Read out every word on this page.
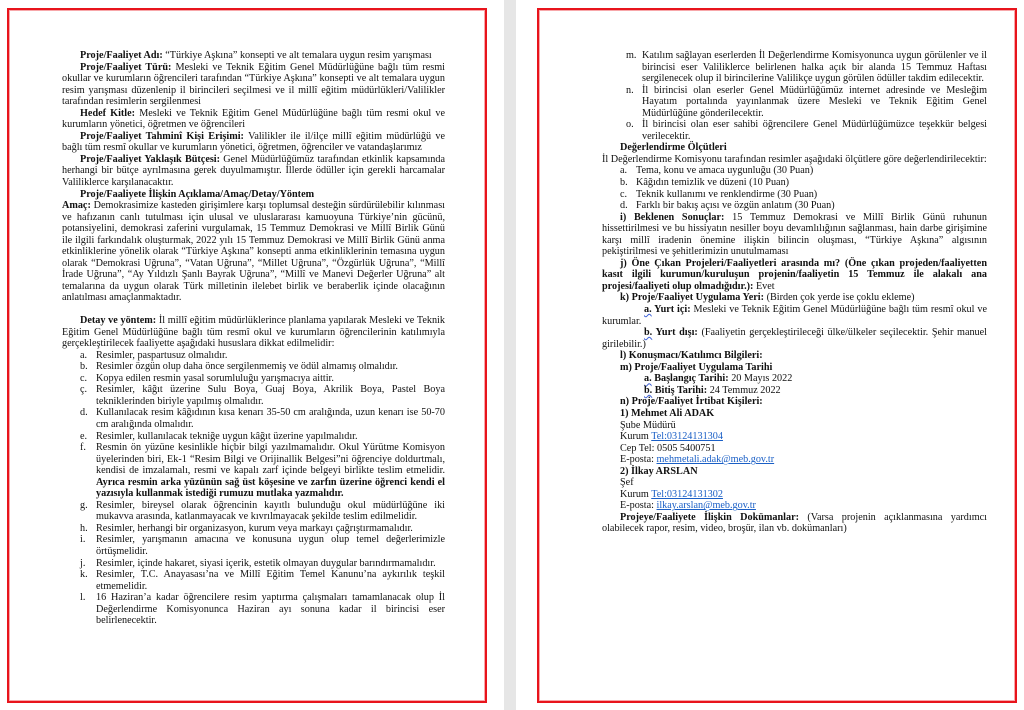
Proje/Faaliyet Adı: “Türkiye Aşkına” konsepti ve alt temalara uygun resim yarışması

Proje/Faaliyet Türü: Mesleki ve Teknik Eğitim Genel Müdürlüğüne bağlı tüm resmi okullar ve kurumların öğrencileri tarafından “Türkiye Aşkına” konsepti ve alt temalara uygun resim yarışması düzenlenip il birincileri seçilmesi ve il millî eğitim müdürlükleri/Valilikler tarafından resimlerin sergilenmesi

Hedef Kitle: Mesleki ve Teknik Eğitim Genel Müdürlüğüne bağlı tüm resmi okul ve kurumların yönetici, öğretmen ve öğrencileri

Proje/Faaliyet Tahminî Kişi Erişimi: Valilikler ile il/ilçe millî eğitim müdürlüğü ve bağlı tüm resmî okullar ve kurumların yönetici, öğretmen, öğrenciler ve vatandaşlarımız

Proje/Faaliyet Yaklaşık Bütçesi: Genel Müdürlüğümüz tarafından etkinlik kapsamında herhangi bir bütçe ayrılmasına gerek duyulmamıştır. İllerde ödüller için gerekli harcamalar Valiliklerce karşılanacaktır.

Proje/Faaliyete İlişkin Açıklama/Amaç/Detay/Yöntem

Amaç: Demokrasimize kasteden girişimlere karşı toplumsal desteğin sürdürülebilir kılınması ve hafızanın canlı tutulması için ulusal ve uluslararası kamuoyuna Türkiye’nin gücünü, potansiyelini, demokrasi zaferini vurgulamak, 15 Temmuz Demokrasi ve Millî Birlik Günü ile ilgili farkındalık oluşturmak, 2022 yılı 15 Temmuz Demokrasi ve Millî Birlik Günü anma etkinliklerine yönelik olarak “Türkiye Aşkına” konsepti anma etkinliklerinin temasına uygun olarak “Demokrasi Uğruna”, “Vatan Uğruna”, “Millet Uğruna”, “Özgürlük Uğruna”, “Millî İrade Uğruna”, “Ay Yıldızlı Şanlı Bayrak Uğruna”, “Millî ve Manevi Değerler Uğruna” alt temalarına da uygun olarak Türk milletinin ilelebet birlik ve beraberlik içinde olacağının anlatılması amaçlanmaktadır.

Detay ve yöntem: İl millî eğitim müdürlüklerince planlama yapılarak Mesleki ve Teknik Eğitim Genel Müdürlüğüne bağlı tüm resmî okul ve kurumların öğrencilerinin katılımıyla gerçekleştirilecek faaliyette aşağıdaki hususlara dikkat edilmelidir:

a. Resimler, paspartusuz olmalıdır.
b. Resimler özgün olup daha önce sergilenmemiş ve ödül almamış olmalıdır.
c. Kopya edilen resmin yasal sorumluluğu yarışmacıya aittir.
ç. Resimler, kâğıt üzerine Sulu Boya, Guaj Boya, Akrilik Boya, Pastel Boya tekniklerinden biriyle yapılmış olmalıdır.
d. Kullanılacak resim kâğıdının kısa kenarı 35-50 cm aralığında, uzun kenarı ise 50-70 cm aralığında olmalıdır.
e. Resimler, kullanılacak tekniğe uygun kâğıt üzerine yapılmalıdır.
f. Resmin ön yüzüne kesinlikle hiçbir bilgi yazılmamalıdır. Okul Yürütme Komisyon üyelerinden biri, Ek-1 “Resim Bilgi ve Orijinallik Belgesi”ni öğrenciye doldurtmalı, kendisi de imzalamalı, resmi ve kapalı zarf içinde belgeyi birlikte teslim etmelidir. Ayrıca resmin arka yüzünün sağ üst köşesine ve zarfın üzerine öğrenci kendi el yazısıyla kullanmak istediği rumuzu mutlaka yazmalıdır.
g. Resimler, bireysel olarak öğrencinin kayıtlı bulunduğu okul müdürlüğüne iki mukavva arasında, katlanmayacak ve kıvrılmayacak şekilde teslim edilmelidir.
h. Resimler, herhangi bir organizasyon, kurum veya markayı çağrıştırmamalıdır.
i. Resimler, yarışmanın amacına ve konusuna uygun olup temel değerlerimizle örtüşmelidir.
j. Resimler, içinde hakaret, siyasi içerik, estetik olmayan duygular barındırmamalıdır.
k. Resimler, T.C. Anayasası’na ve Millî Eğitim Temel Kanunu’na aykırılık teşkil etmemelidir.
l. 16 Haziran’a kadar öğrencilere resim yaptırma çalışmaları tamamlanacak olup İl Değerlendirme Komisyonunca Haziran ayı sonuna kadar il birincisi eser belirlenecektir.
m. Katılım sağlayan eserlerden İl Değerlendirme Komisyonunca uygun görülenler ve il birincisi eser Valiliklerce belirlenen halka açık bir alanda 15 Temmuz Haftası sergilenecek olup il birincilerine Valilikçe uygun görülen ödüller takdim edilecektir.
n. İl birincisi olan eserler Genel Müdürlüğümüz internet adresinde ve Mesleğim Hayatım portalında yayınlanmak üzere Mesleki ve Teknik Eğitim Genel Müdürlüğüne gönderilecektir.
o. İl birincisi olan eser sahibi öğrencilere Genel Müdürlüğümüzce teşekkür belgesi verilecektir.

Değerlendirme Ölçütleri

İl Değerlendirme Komisyonu tarafından resimler aşağıdaki ölçütlere göre değerlendirilecektir:

a. Tema, konu ve amaca uygunluğu (30 Puan)
b. Kâğıdın temizlik ve düzeni (10 Puan)
c. Teknik kullanımı ve renklendirme (30 Puan)
d. Farklı bir bakış açısı ve özgün anlatım (30 Puan)

i) Beklenen Sonuçlar: 15 Temmuz Demokrasi ve Millî Birlik Günü ruhunun hissettirilmesi ve bu hissiyatın nesiller boyu devamlılığının sağlanması, hain darbe girişimine karşı millî iradenin önemine ilişkin bilincin oluşması, “Türkiye Aşkına” algısının pekiştirilmesi ve şehitlerimizin unutulmaması

j) Öne Çıkan Projeleri/Faaliyetleri arasında mı? (Öne çıkan projeden/faaliyetten kasıt ilgili kurumun/kuruluşun projenin/faaliyetin 15 Temmuz ile alakalı ana projesi/faaliyeti olup olmadığıdır.): Evet

k) Proje/Faaliyet Uygulama Yeri: (Birden çok yerde ise çoklu ekleme)

a. Yurt içi: Mesleki ve Teknik Eğitim Genel Müdürlüğüne bağlı tüm resmî okul ve kurumlar.

b. Yurt dışı: (Faaliyetin gerçekleştirileceği ülke/ülkeler seçilecektir. Şehir manuel girilebilir.)

l) Konuşmacı/Katılımcı Bilgileri:

m) Proje/Faaliyet Uygulama Tarihi

a. Başlangıç Tarihi: 20 Mayıs 2022

b. Bitiş Tarihi: 24 Temmuz 2022

n) Proje/Faaliyet İrtibat Kişileri:

1) Mehmet Ali ADAK

Şube Müdürü

Kurum Tel:03124131304

Cep Tel: 0505 5400751

E-posta: mehmetali.adak@meb.gov.tr

2) İlkay ARSLAN

Şef

Kurum Tel:03124131302

E-posta: ilkay.arslan@meb.gov.tr

Projeye/Faaliyete İlişkin Dokümanlar: (Varsa projenin açıklanmasına yardımcı olabilecek rapor, resim, video, broşür, ilan vb. dokümanları)
